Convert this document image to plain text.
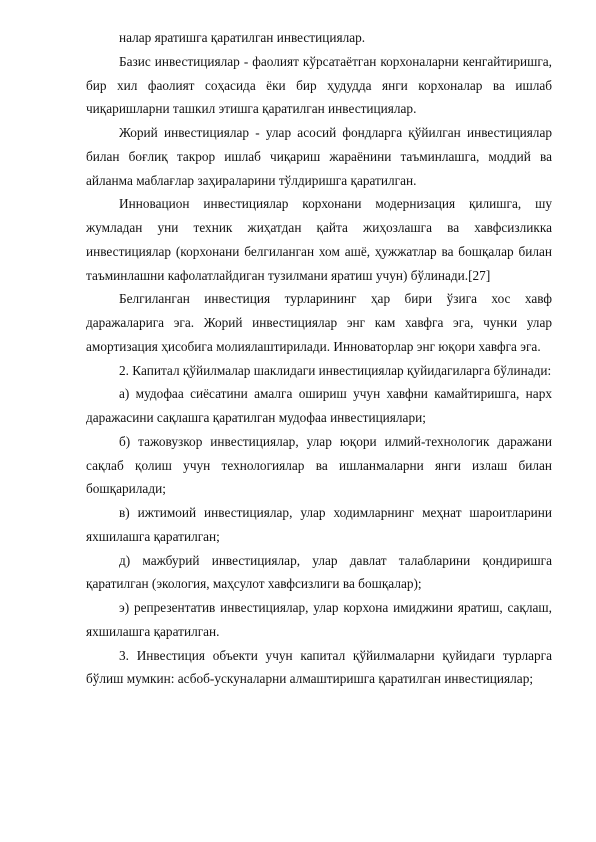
налар яратишга қаратилган инвестициялар.

Базис инвестициялар - фаолият кўрсатаётган корхоналарни кенгайтиришга, бир хил фаолият соҳасида ёки бир ҳудудда янги корхоналар ва ишлаб чиқаришларни ташкил этишга қаратилган инвестициялар.

Жорий инвестициялар - улар асосий фондларга қўйилган инвестициялар билан боғлиқ такрор ишлаб чиқариш жараёнини таъминлашга, моддий ва айланма маблағлар заҳираларини тўлдиришга қаратилган.

Инновацион инвестициялар корхонани модернизация қилишга, шу жумладан уни техник жиҳатдан қайта жиҳозлашга ва хавфсизликка инвестициялар (корхонани белгиланган хом ашё, ҳужжатлар ва бошқалар билан таъминлашни кафолатлайдиган тузилмани яратиш учун) бўлинади.[27]

Белгиланган инвестиция турларининг ҳар бири ўзига хос хавф даражаларига эга. Жорий инвестициялар энг кам хавфга эга, чунки улар амортизация ҳисобига молиялаштирилади. Инноваторлар энг юқори хавфга эга.

2. Капитал қўйилмалар шаклидаги инвестициялар қуйидагиларга бўлинади:

а) мудофаа сиёсатини амалга ошириш учун хавфни камайтиришга, нарх даражасини сақлашга қаратилган мудофаа инвестициялари;

б) тажовузкор инвестициялар, улар юқори илмий-технологик даражани сақлаб қолиш учун технологиялар ва ишланмаларни янги излаш билан бошқарилади;

в) ижтимоий инвестициялар, улар ходимларнинг меҳнат шароитларини яхшилашга қаратилган;

д) мажбурий инвестициялар, улар давлат талабларини қондиришга қаратилган (экология, маҳсулот хавфсизлиги ва бошқалар);

э) репрезентатив инвестициялар, улар корхона имиджини яратиш, сақлаш, яхшилашга қаратилган.

3. Инвестиция объекти учун капитал қўйилмаларни қуйидаги турларга бўлиш мумкин: асбоб-ускуналарни алмаштиришга қаратилган инвестициялар;
